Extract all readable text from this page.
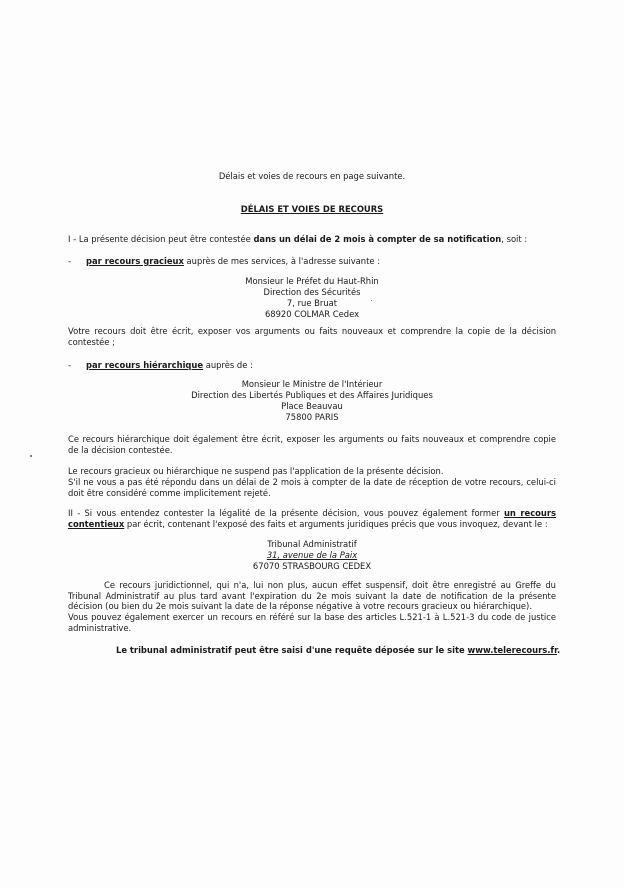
Délais et voies de recours en page suivante.
DÉLAIS ET VOIES DE RECOURS
I - La présente décision peut être contestée dans un délai de 2 mois à compter de sa notification, soit :
- par recours gracieux auprès de mes services, à l'adresse suivante :
Monsieur le Préfet du Haut-Rhin
Direction des Sécurités
7, rue Bruat
68920 COLMAR Cedex
Votre recours doit être écrit, exposer vos arguments ou faits nouveaux et comprendre la copie de la décision contestée ;
- par recours hiérarchique auprès de :
Monsieur le Ministre de l'Intérieur
Direction des Libertés Publiques et des Affaires Juridiques
Place Beauvau
75800 PARIS
Ce recours hiérarchique doit également être écrit, exposer les arguments ou faits nouveaux et comprendre copie de la décision contestée.
Le recours gracieux ou hiérarchique ne suspend pas l'application de la présente décision.
S'il ne vous a pas été répondu dans un délai de 2 mois à compter de la date de réception de votre recours, celui-ci doit être considéré comme implicitement rejeté.
II - Si vous entendez contester la légalité de la présente décision, vous pouvez également former un recours contentieux par écrit, contenant l'exposé des faits et arguments juridiques précis que vous invoquez, devant le :
Tribunal Administratif
31, avenue de la Paix
67070 STRASBOURG CEDEX
Ce recours juridictionnel, qui n'a, lui non plus, aucun effet suspensif, doit être enregistré au Greffe du Tribunal Administratif au plus tard avant l'expiration du 2e mois suivant la date de notification de la présente décision (ou bien du 2e mois suivant la date de la réponse négative à votre recours gracieux ou hiérarchique).
Vous pouvez également exercer un recours en référé sur la base des articles L.521-1 à L.521-3 du code de justice administrative.
Le tribunal administratif peut être saisi d'une requête déposée sur le site www.telerecours.fr.
